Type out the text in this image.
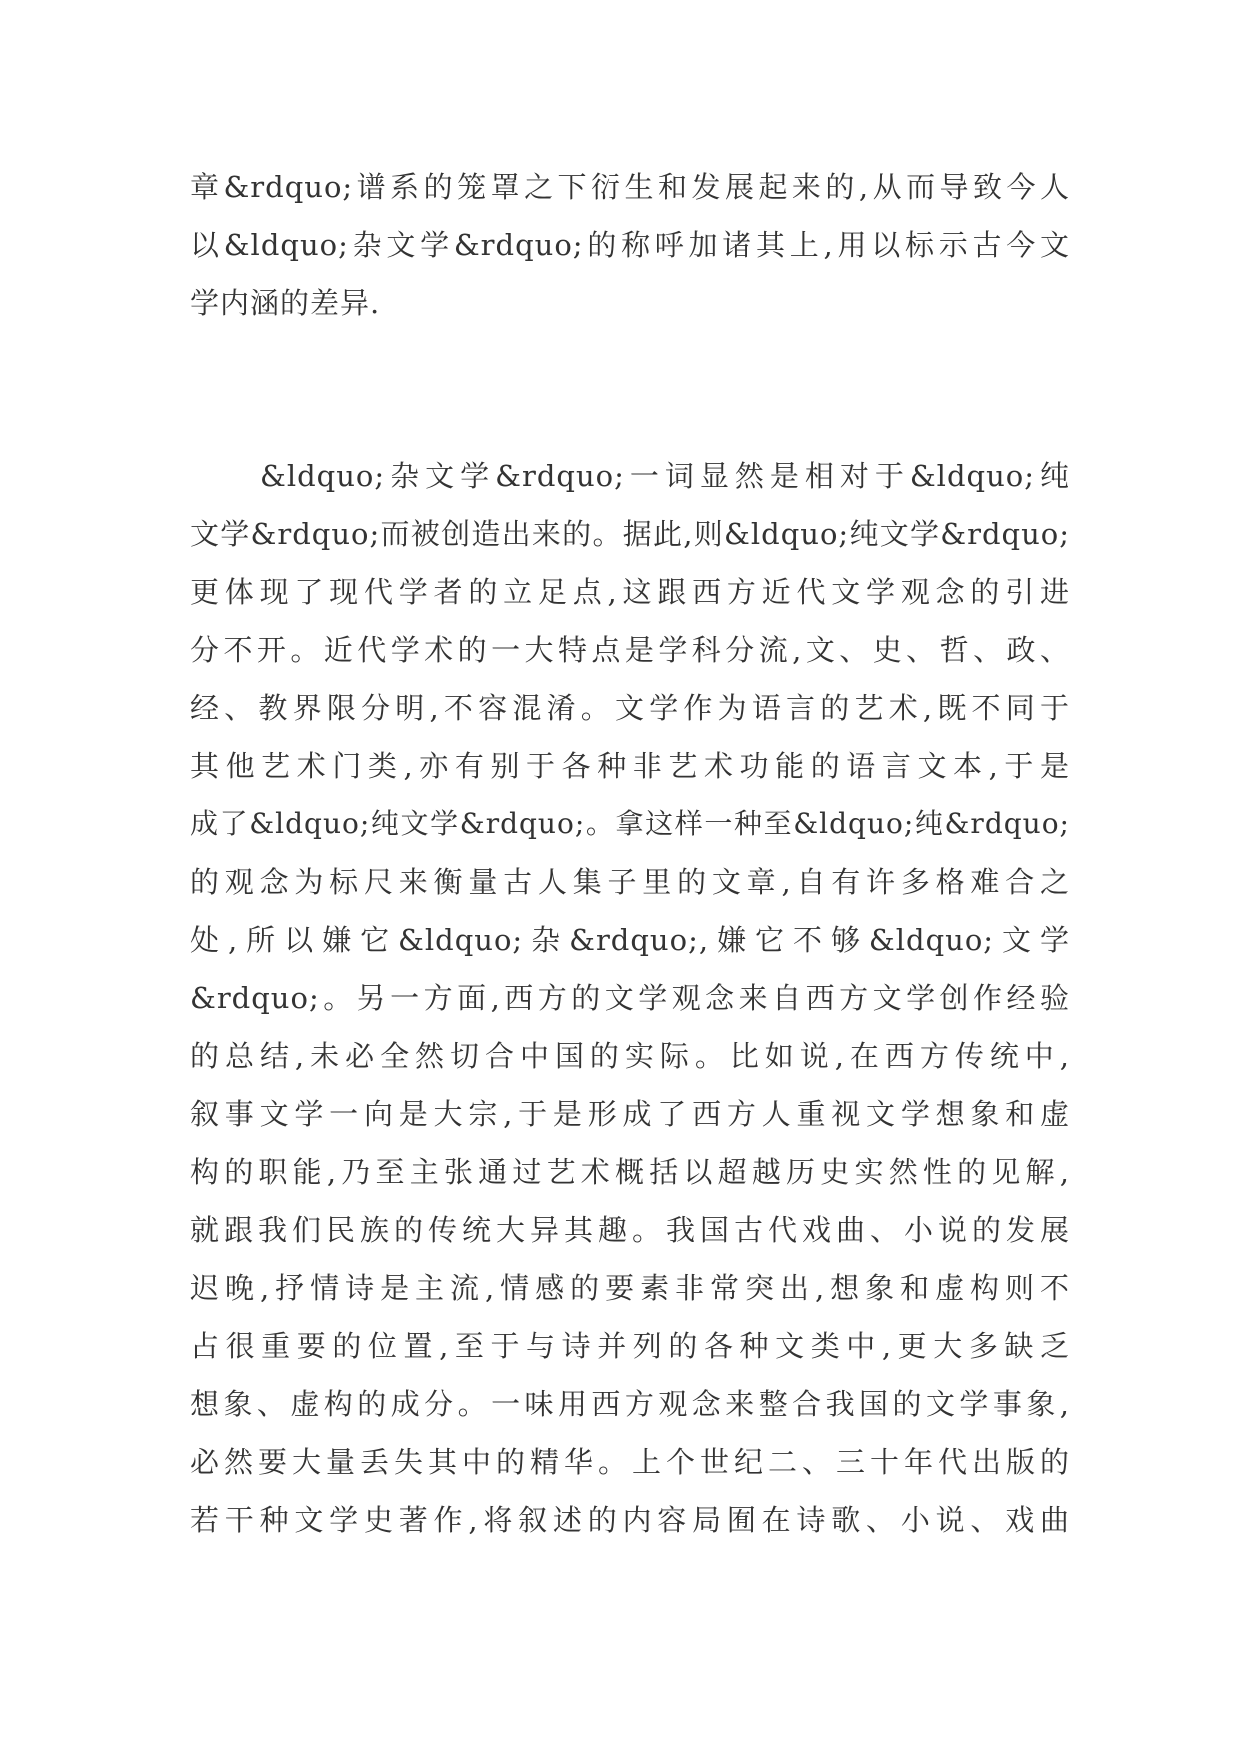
章&rdquo;谱系的笼罩之下衍生和发展起来的,从而导致今人
以&ldquo;杂文学&rdquo;的称呼加诸其上,用以标示古今文
学内涵的差异.
　　&ldquo;杂文学&rdquo;一词显然是相对于&ldquo;纯
文学&rdquo;而被创造出来的。据此,则&ldquo;纯文学&rdquo;
更体现了现代学者的立足点,这跟西方近代文学观念的引进
分不开。近代学术的一大特点是学科分流,文、史、哲、政、
经、教界限分明,不容混淆。文学作为语言的艺术,既不同于
其他艺术门类,亦有别于各种非艺术功能的语言文本,于是
成了&ldquo;纯文学&rdquo;。拿这样一种至&ldquo;纯&rdquo;
的观念为标尺来衡量古人集子里的文章,自有许多格难合之
处,所以嫌它&ldquo;杂&rdquo;,嫌它不够&ldquo;文学
&rdquo;。另一方面,西方的文学观念来自西方文学创作经验
的总结,未必全然切合中国的实际。比如说,在西方传统中,
叙事文学一向是大宗,于是形成了西方人重视文学想象和虚
构的职能,乃至主张通过艺术概括以超越历史实然性的见解,
就跟我们民族的传统大异其趣。我国古代戏曲、小说的发展
迟晚,抒情诗是主流,情感的要素非常突出,想象和虚构则不
占很重要的位置,至于与诗并列的各种文类中,更大多缺乏
想象、虚构的成分。一味用西方观念来整合我国的文学事象,
必然要大量丢失其中的精华。上个世纪二、三十年代出版的
若干种文学史著作,将叙述的内容局囿在诗歌、小说、戏曲
